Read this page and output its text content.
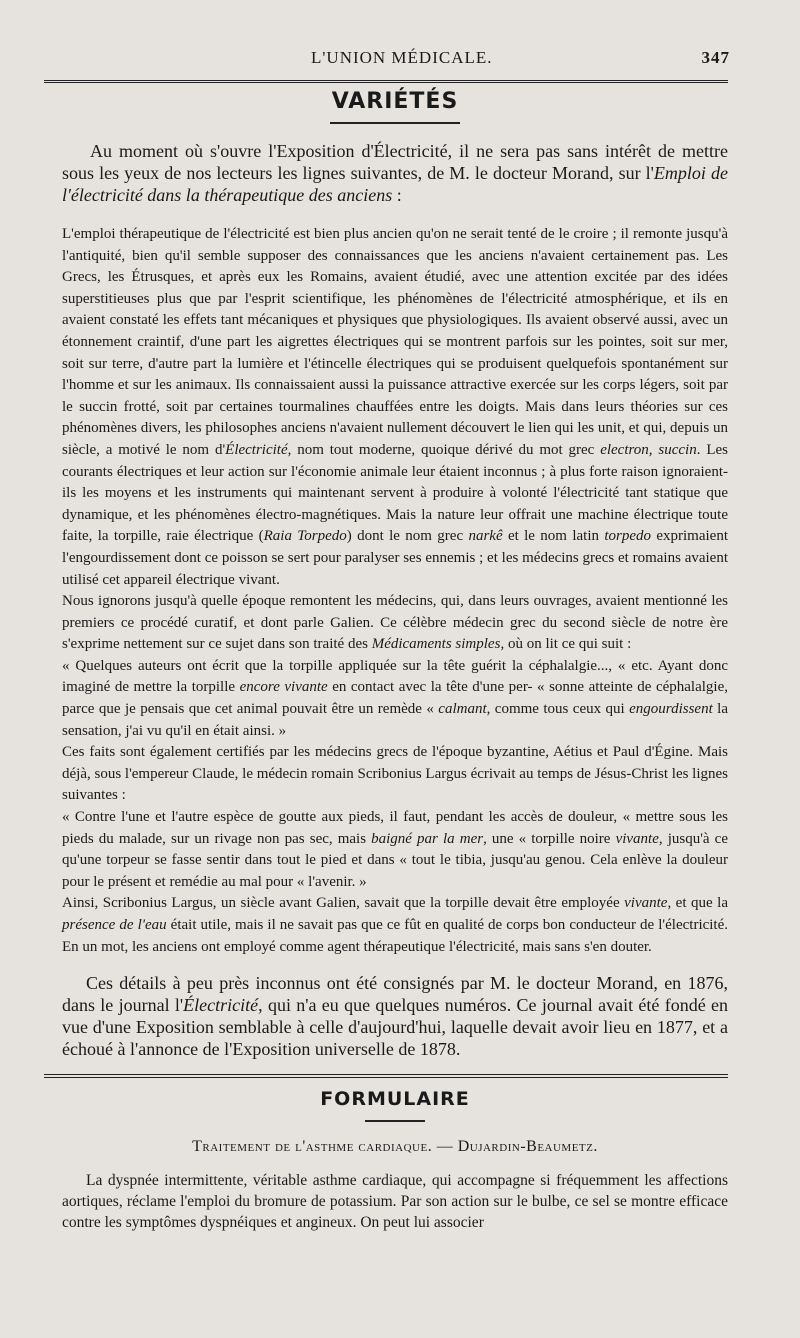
L'UNION MÉDICALE.	347
VARIÉTÉS

Au moment où s'ouvre l'Exposition d'Électricité, il ne sera pas sans intérêt de mettre sous les yeux de nos lecteurs les lignes suivantes, de M. le docteur Morand, sur l'Emploi de l'électricité dans la thérapeutique des anciens :

L'emploi thérapeutique de l'électricité est bien plus ancien qu'on ne serait tenté de le croire ; il remonte jusqu'à l'antiquité, bien qu'il semble supposer des connaissances que les anciens n'avaient certainement pas. Les Grecs, les Étrusques, et après eux les Romains, avaient étudié, avec une attention excitée par des idées superstitieuses plus que par l'esprit scientifique, les phénomènes de l'électricité atmosphérique, et ils en avaient constaté les effets tant mécaniques et physiques que physiologiques. Ils avaient observé aussi, avec un étonnement craintif, d'une part les aigrettes électriques qui se montrent parfois sur les pointes, soit sur mer, soit sur terre, d'autre part la lumière et l'étincelle électriques qui se produisent quelquefois spontanément sur l'homme et sur les animaux. Ils connaissaient aussi la puissance attractive exercée sur les corps légers, soit par le succin frotté, soit par certaines tourmalines chauffées entre les doigts. Mais dans leurs théories sur ces phénomènes divers, les philosophes anciens n'avaient nullement découvert le lien qui les unit, et qui, depuis un siècle, a motivé le nom d'Électricité, nom tout moderne, quoique dérivé du mot grec electron, succin. Les courants électriques et leur action sur l'économie animale leur étaient inconnus ; à plus forte raison ignoraient-ils les moyens et les instruments qui maintenant servent à produire à volonté l'électricité tant statique que dynamique, et les phénomènes électro-magnétiques. Mais la nature leur offrait une machine électrique toute faite, la torpille, raie électrique (Raia Torpedo) dont le nom grec narkê et le nom latin torpedo exprimaient l'engourdissement dont ce poisson se sert pour paralyser ses ennemis ; et les médecins grecs et romains avaient utilisé cet appareil électrique vivant.

Nous ignorons jusqu'à quelle époque remontent les médecins, qui, dans leurs ouvrages, avaient mentionné les premiers ce procédé curatif, et dont parle Galien. Ce célèbre médecin grec du second siècle de notre ère s'exprime nettement sur ce sujet dans son traité des Médicaments simples, où on lit ce qui suit :

« Quelques auteurs ont écrit que la torpille appliquée sur la tête guérit la céphalalgie..., « etc. Ayant donc imaginé de mettre la torpille encore vivante en contact avec la tête d'une per- « sonne atteinte de céphalalgie, parce que je pensais que cet animal pouvait être un remède « calmant, comme tous ceux qui engourdissent la sensation, j'ai vu qu'il en était ainsi. »

Ces faits sont également certifiés par les médecins grecs de l'époque byzantine, Aétius et Paul d'Égine. Mais déjà, sous l'empereur Claude, le médecin romain Scribonius Largus écrivait au temps de Jésus-Christ les lignes suivantes :

« Contre l'une et l'autre espèce de goutte aux pieds, il faut, pendant les accès de douleur, « mettre sous les pieds du malade, sur un rivage non pas sec, mais baigné par la mer, une « torpille noire vivante, jusqu'à ce qu'une torpeur se fasse sentir dans tout le pied et dans « tout le tibia, jusqu'au genou. Cela enlève la douleur pour le présent et remédie au mal pour « l'avenir. »

Ainsi, Scribonius Largus, un siècle avant Galien, savait que la torpille devait être employée vivante, et que la présence de l'eau était utile, mais il ne savait pas que ce fût en qualité de corps bon conducteur de l'électricité. En un mot, les anciens ont employé comme agent thérapeutique l'électricité, mais sans s'en douter.

Ces détails à peu près inconnus ont été consignés par M. le docteur Morand, en 1876, dans le journal l'Électricité, qui n'a eu que quelques numéros. Ce journal avait été fondé en vue d'une Exposition semblable à celle d'aujourd'hui, laquelle devait avoir lieu en 1877, et a échoué à l'annonce de l'Exposition universelle de 1878.

FORMULAIRE
Traitement de l'asthme cardiaque. — Dujardin-Beaumetz.

La dyspnée intermittente, véritable asthme cardiaque, qui accompagne si fréquemment les affections aortiques, réclame l'emploi du bromure de potassium. Par son action sur le bulbe, ce sel se montre efficace contre les symptômes dyspnéiques et angineux. On peut lui associer
